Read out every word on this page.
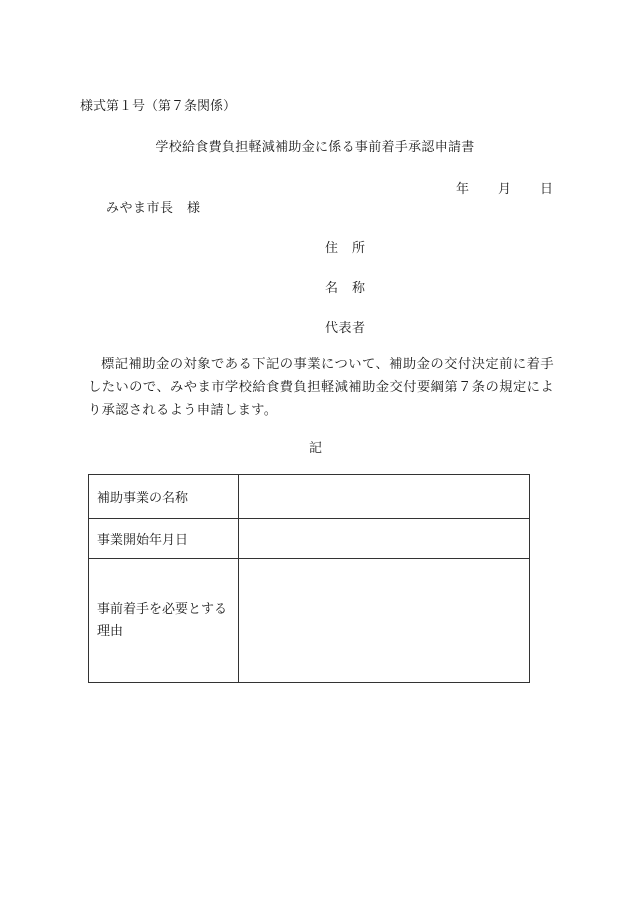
様式第１号（第７条関係）
学校給食費負担軽減補助金に係る事前着手承認申請書
年 月 日
みやま市長　様
住　所
名　称
代表者
標記補助金の対象である下記の事業について、補助金の交付決定前に着手したいので、みやま市学校給食費負担軽減補助金交付要綱第７条の規定により承認されるよう申請します。
記
補助事業の名称	
事業開始年月日	
事前着手を必要とする理由	
